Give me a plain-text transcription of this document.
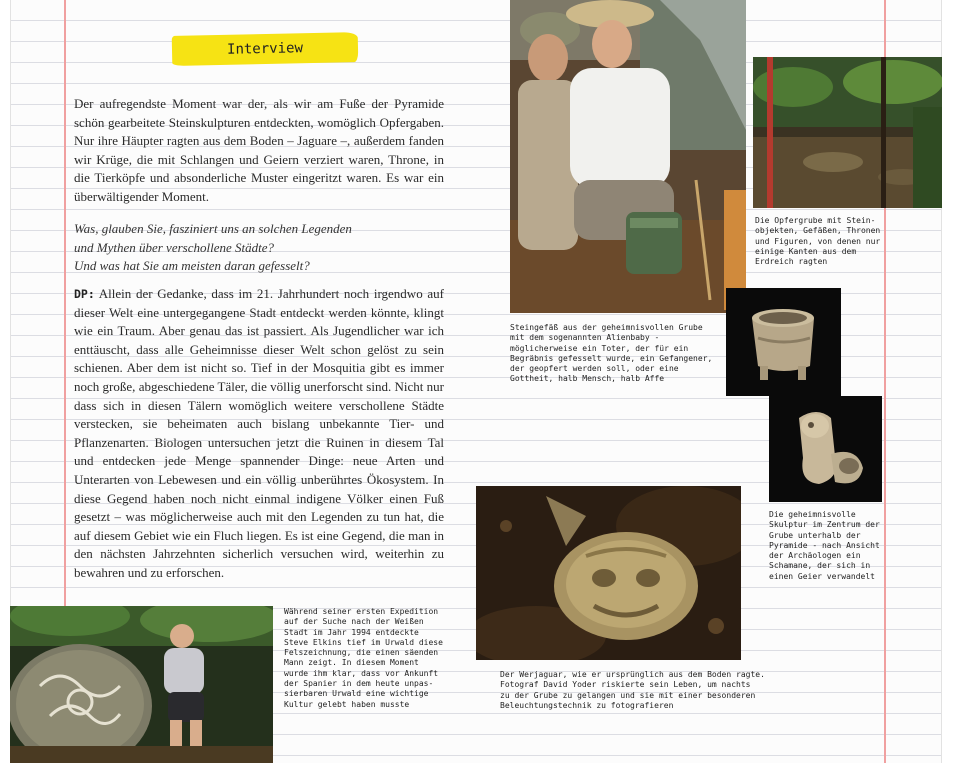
Interview

Der aufregendste Moment war der, als wir am Fuße der Pyramide schön gearbeitete Steinskulpturen entdeckten, womöglich Opfergaben. Nur ihre Häupter ragten aus dem Boden – Jaguare –, außerdem fanden wir Krüge, die mit Schlangen und Geiern verziert waren, Throne, in die Tierköpfe und absonderliche Muster eingeritzt waren. Es war ein überwältigender Moment.

Was, glauben Sie, fasziniert uns an solchen Legenden
und Mythen über verschollene Städte?
Und was hat Sie am meisten daran gefesselt?

DP: Allein der Gedanke, dass im 21. Jahrhundert noch irgendwo auf dieser Welt eine untergegangene Stadt entdeckt werden könnte, klingt wie ein Traum. Aber genau das ist passiert. Als Jugendlicher war ich enttäuscht, dass alle Geheimnisse dieser Welt schon gelöst zu sein schienen. Aber dem ist nicht so. Tief in der Mosquitia gibt es immer noch große, abgeschiedene Täler, die völlig unerforscht sind. Nicht nur dass sich in diesen Tälern womöglich weitere verschollene Städte verstecken, sie beheimaten auch bislang unbekannte Tier- und Pflanzenarten. Biologen untersuchen jetzt die Ruinen in diesem Tal und entdecken jede Menge spannender Dinge: neue Arten und Unterarten von Lebewesen und ein völlig unberührtes Ökosystem. In diese Gegend haben noch nicht einmal indigene Völker einen Fuß gesetzt – was möglicherweise auch mit den Legenden zu tun hat, die auf diesem Gebiet wie ein Fluch liegen. Es ist eine Gegend, die man in den nächsten Jahrzehnten sicherlich versuchen wird, weiterhin zu bewahren und zu erforschen.

Die Opfergrube mit Stein-
objekten, Gefäßen, Thronen
und Figuren, von denen nur
einige Kanten aus dem
Erdreich ragten
Die geheimnisvolle
Skulptur im Zentrum der
Grube unterhalb der
Pyramide - nach Ansicht
der Archäologen ein
Schamane, der sich in
einen Geier verwandelt
Steingefäß aus der geheimnisvollen Grube
mit dem sogenannten Alienbaby -
möglicherweise ein Toter, der für ein
Begräbnis gefesselt wurde, ein Gefangener,
der geopfert werden soll, oder eine
Gottheit, halb Mensch, halb Affe
Der Werjaguar, wie er ursprünglich aus dem Boden ragte.
Fotograf David Yoder riskierte sein Leben, um nachts
zu der Grube zu gelangen und sie mit einer besonderen
Beleuchtungstechnik zu fotografieren
Während seiner ersten Expedition
auf der Suche nach der Weißen
Stadt im Jahr 1994 entdeckte
Steve Elkins tief im Urwald diese
Felszeichnung, die einen säenden
Mann zeigt. In diesem Moment
wurde ihm klar, dass vor Ankunft
der Spanier in dem heute unpas-
sierbaren Urwald eine wichtige
Kultur gelebt haben musste
